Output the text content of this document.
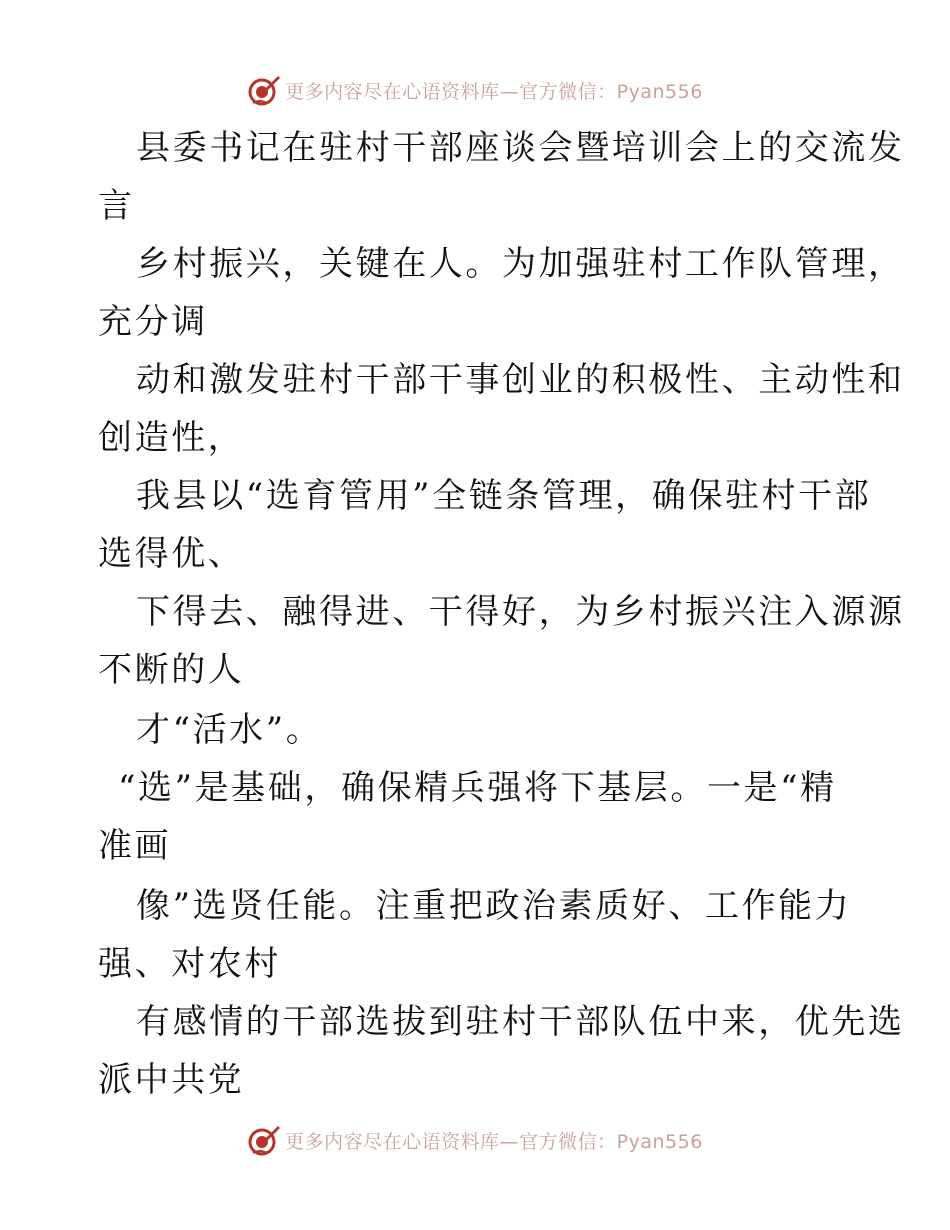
更多内容尽在心语资料库—官方微信：Pyan556
县委书记在驻村干部座谈会暨培训会上的交流发
言
乡村振兴，关键在人。为加强驻村工作队管理，
充分调
动和激发驻村干部干事创业的积极性、主动性和
创造性，
我县以“选育管用”全链条管理，确保驻村干部
选得优、
下得去、融得进、干得好，为乡村振兴注入源源
不断的人
才“活水”。
“选”是基础，确保精兵强将下基层。一是“精
准画
像”选贤任能。注重把政治素质好、工作能力
强、对农村
有感情的干部选拔到驻村干部队伍中来，优先选
派中共党
更多内容尽在心语资料库—官方微信：Pyan556
